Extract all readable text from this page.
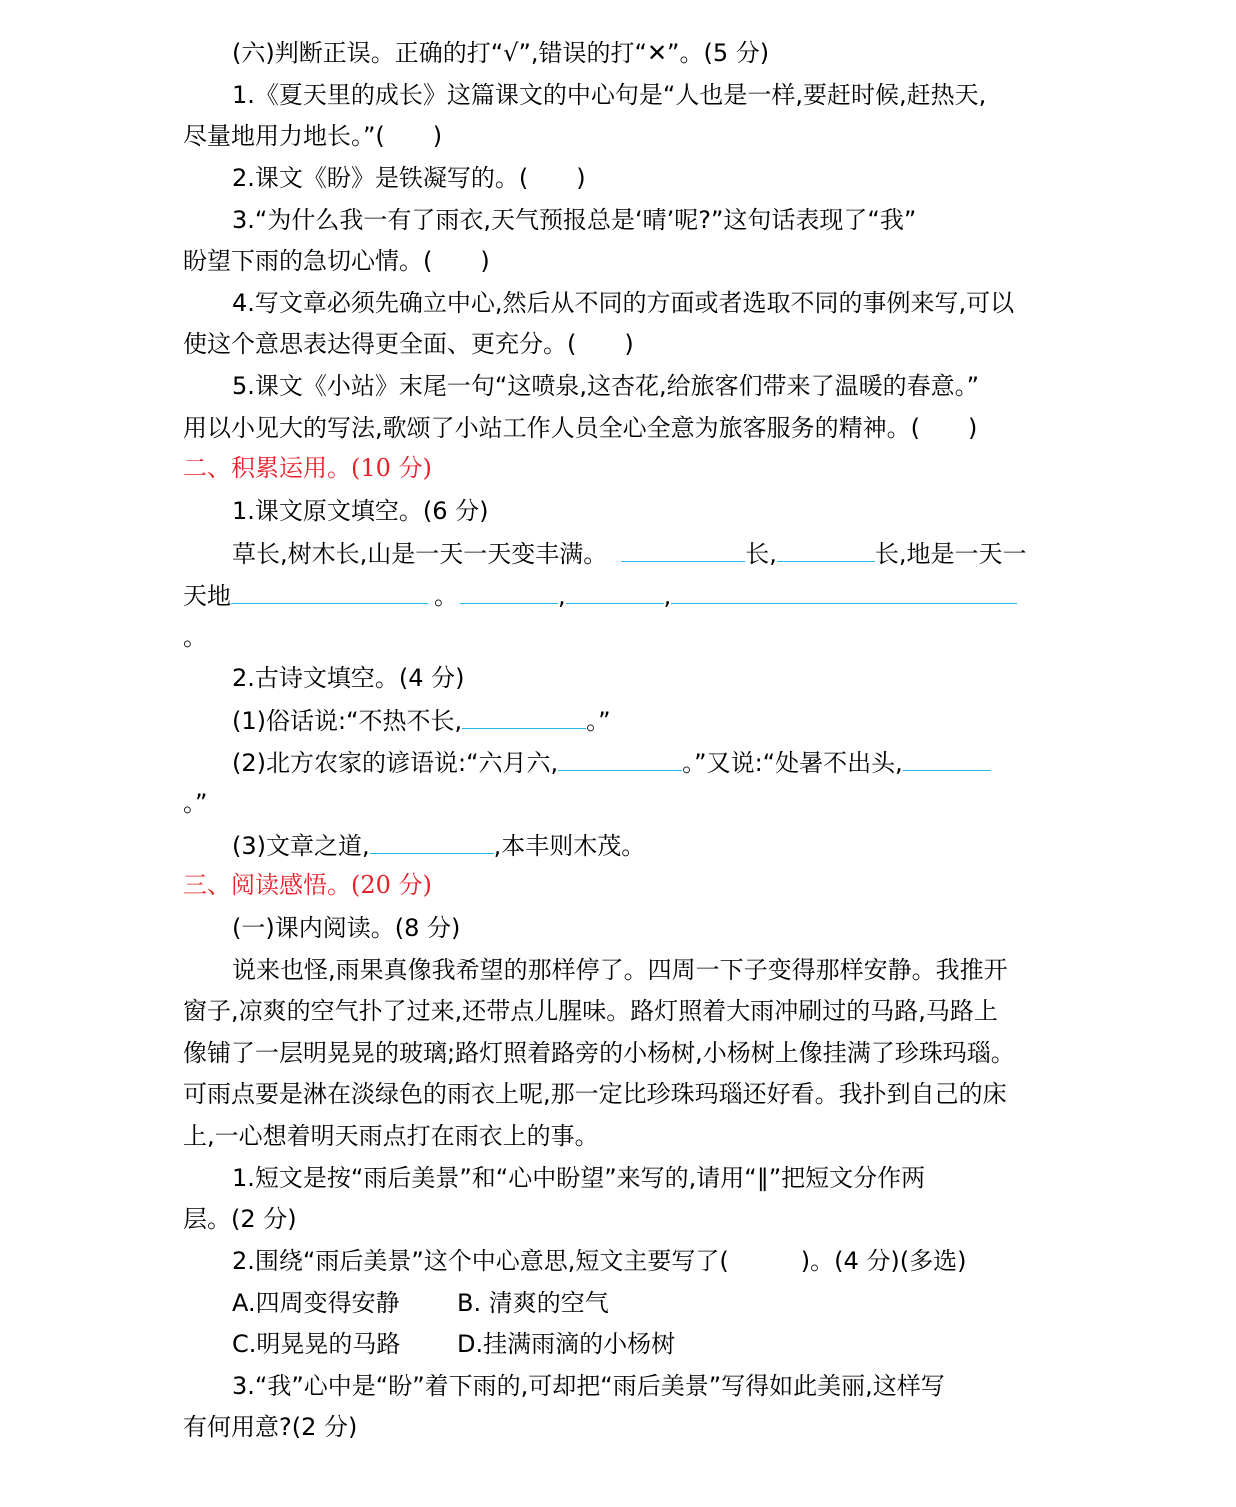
(六)判断正误。正确的打“√”,错误的打“✕”。(5 分)
1.《夏天里的成长》这篇课文的中心句是“人也是一样,要赶时候,赶热天,
尽量地用力地长。”(　　)
2.课文《盼》是铁凝写的。(　　)
3.“为什么我一有了雨衣,天气预报总是‘晴’呢?”这句话表现了“我”
盼望下雨的急切心情。(　　)
4.写文章必须先确立中心,然后从不同的方面或者选取不同的事例来写,可以
使这个意思表达得更全面、更充分。(　　)
5.课文《小站》末尾一句“这喷泉,这杏花,给旅客们带来了温暖的春意。”
用以小见大的写法,歌颂了小站工作人员全心全意为旅客服务的精神。(　　)
二、积累运用。(10 分)
1.课文原文填空。(6 分)
草长,树木长,山是一天一天变丰满。	长,	长,地是一天一
天地	。	,	,
。
2.古诗文填空。(4 分)
(1)俗话说:“不热不长,	。”
(2)北方农家的谚语说:“六月六,	。”又说:“处暑不出头,
。”
(3)文章之道,	,本丰则木茂。
三、阅读感悟。(20 分)
(一)课内阅读。(8 分)
说来也怪,雨果真像我希望的那样停了。四周一下子变得那样安静。我推开
窗子,凉爽的空气扑了过来,还带点儿腥味。路灯照着大雨冲刷过的马路,马路上
像铺了一层明晃晃的玻璃;路灯照着路旁的小杨树,小杨树上像挂满了珍珠玛瑙。
可雨点要是淋在淡绿色的雨衣上呢,那一定比珍珠玛瑙还好看。我扑到自己的床
上,一心想着明天雨点打在雨衣上的事。
1.短文是按“雨后美景”和“心中盼望”来写的,请用“∥”把短文分作两
层。(2 分)
2.围绕“雨后美景”这个中心意思,短文主要写了(　　　)。(4 分)(多选)
A.四周变得安静 B. 清爽的空气
C.明晃晃的马路 D.挂满雨滴的小杨树
3.“我”心中是“盼”着下雨的,可却把“雨后美景”写得如此美丽,这样写
有何用意?(2 分)
